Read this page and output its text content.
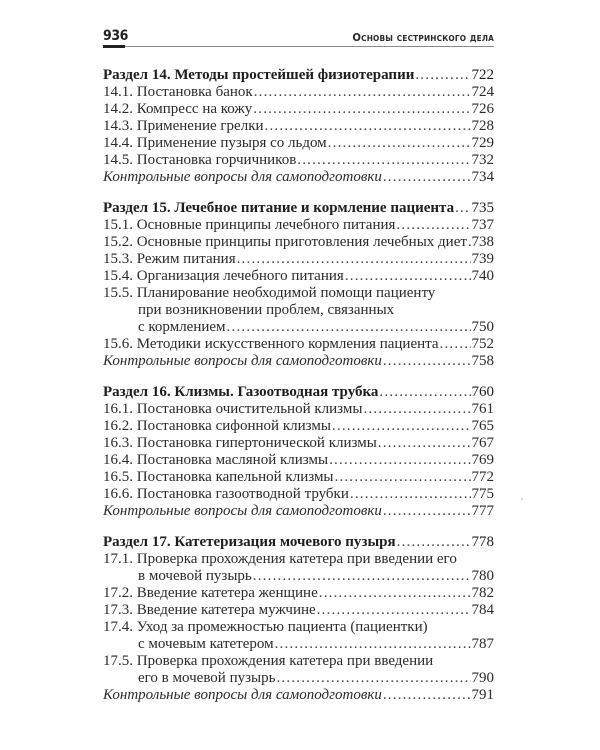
936	Основы сестринского дела
Раздел 14. Методы простейшей физиотерапии .....	722
14.1. Постановка банок .....	724
14.2. Компресс на кожу .....	726
14.3. Применение грелки .....	728
14.4. Применение пузыря со льдом .....	729
14.5. Постановка горчичников .....	732
Контрольные вопросы для самоподготовки .....	734
Раздел 15. Лечебное питание и кормление пациента ..... 735
15.1. Основные принципы лечебного питания .....	737
15.2. Основные принципы приготовления лечебных диет ..... 738
15.3. Режим питания .....	739
15.4. Организация лечебного питания .....	740
15.5. Планирование необходимой помощи пациенту
при возникновении проблем, связанных
с кормлением .....	750
15.6. Методики искусственного кормления пациента ..... 752
Контрольные вопросы для самоподготовки .....	758
Раздел 16. Клизмы. Газоотводная трубка .....	760
16.1. Постановка очистительной клизмы .....	761
16.2. Постановка сифонной клизмы .....	765
16.3. Постановка гипертонической клизмы .....	767
16.4. Постановка масляной клизмы .....	769
16.5. Постановка капельной клизмы .....	772
16.6. Постановка газоотводной трубки .....	775
Контрольные вопросы для самоподготовки .....	777
Раздел 17. Катетеризация мочевого пузыря .....	778
17.1. Проверка прохождения катетера при введении его
в мочевой пузырь .....	780
17.2. Введение катетера женщине .....	782
17.3. Введение катетера мужчине .....	784
17.4. Уход за промежностью пациента (пациентки)
с мочевым катетером .....	787
17.5. Проверка прохождения катетера при введении
его в мочевой пузырь .....	790
Контрольные вопросы для самоподготовки .....	791
